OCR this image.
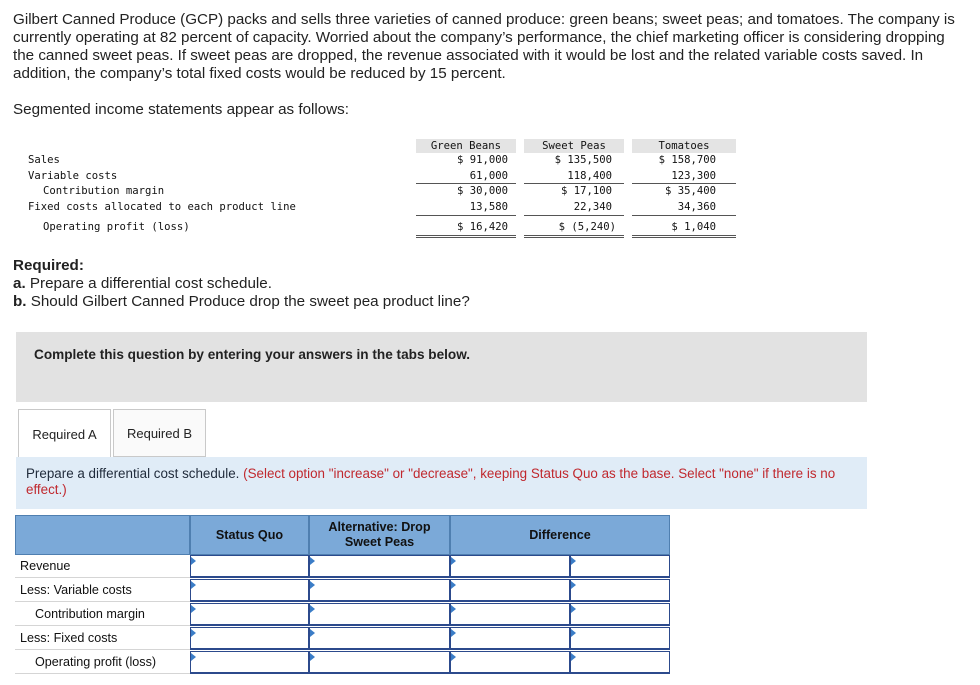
Gilbert Canned Produce (GCP) packs and sells three varieties of canned produce: green beans; sweet peas; and tomatoes. The company is currently operating at 82 percent of capacity. Worried about the company’s performance, the chief marketing officer is considering dropping the canned sweet peas. If sweet peas are dropped, the revenue associated with it would be lost and the related variable costs saved. In addition, the company’s total fixed costs would be reduced by 15 percent.
Segmented income statements appear as follows:
Green Beans	Sweet Peas	Tomatoes
Sales
Variable costs
Contribution margin
Fixed costs allocated to each product line
Operating profit (loss)
$ 91,000
61,000
$ 30,000
13,580
$ 16,420
$ 135,500
118,400
$ 17,100
22,340
$ (5,240)
$ 158,700
123,300
$ 35,400
34,360
$ 1,040
Required:
a. Prepare a differential cost schedule.
b. Should Gilbert Canned Produce drop the sweet pea product line?
Complete this question by entering your answers in the tabs below.
Required A Required B
Prepare a differential cost schedule. (Select option "increase" or "decrease", keeping Status Quo as the base. Select "none" if there is no effect.)
Status Quo
Alternative: Drop Sweet Peas
Difference
Revenue
Less: Variable costs
Contribution margin
Less: Fixed costs
Operating profit (loss)
